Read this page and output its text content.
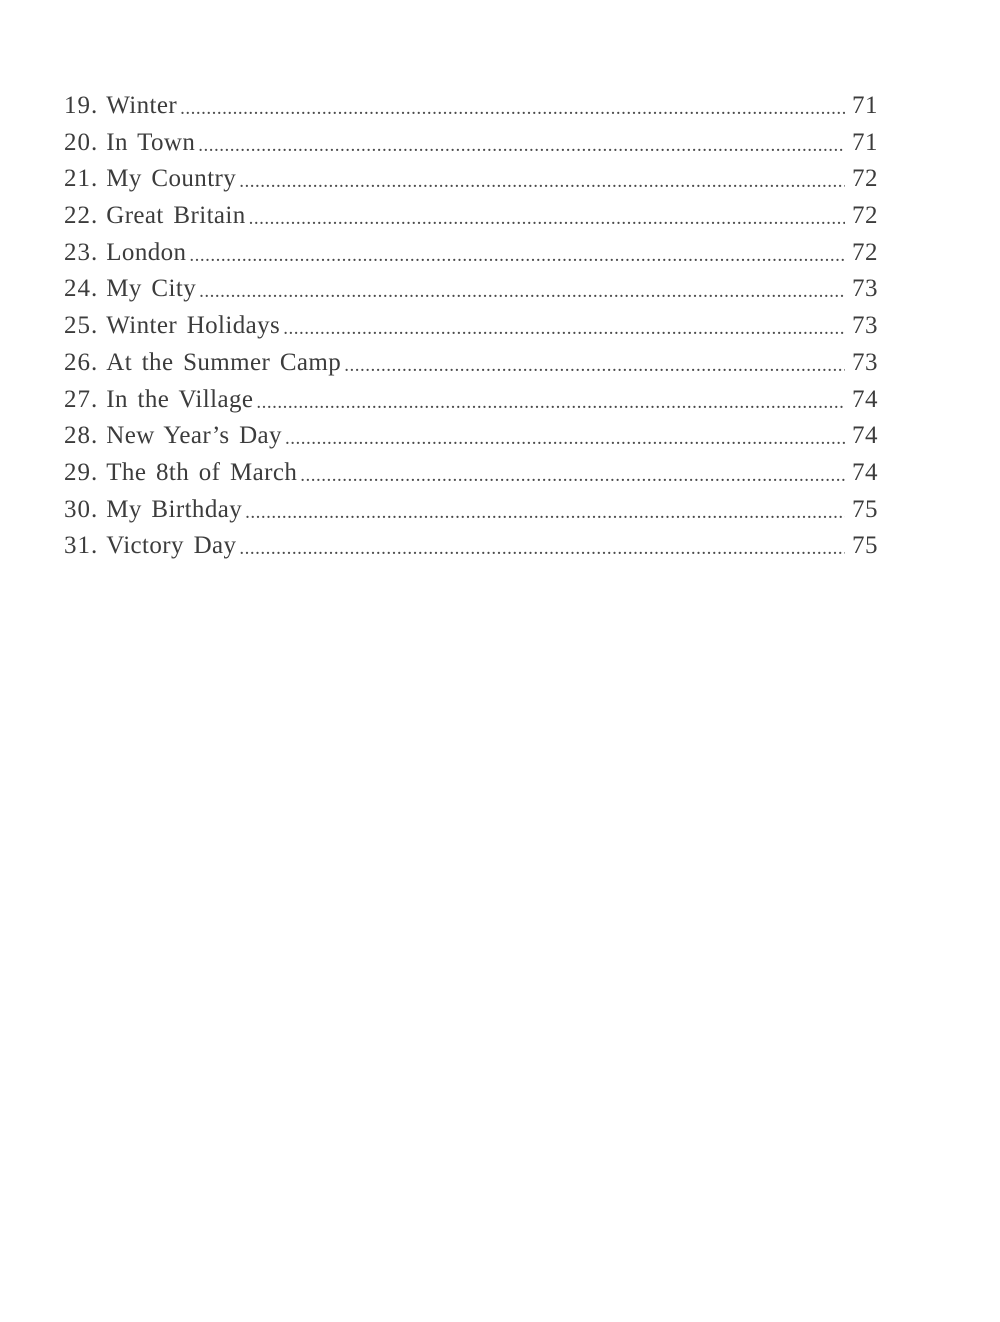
19. Winter .....	71
20. In Town .....	71
21. My Country .....	72
22. Great Britain .....	72
23. London .....	72
24. My City .....	73
25. Winter Holidays .....	73
26. At the Summer Camp .....	73
27. In the Village .....	74
28. New Year’s Day .....	74
29. The 8th of March .....	74
30. My Birthday .....	75
31. Victory Day .....	75
